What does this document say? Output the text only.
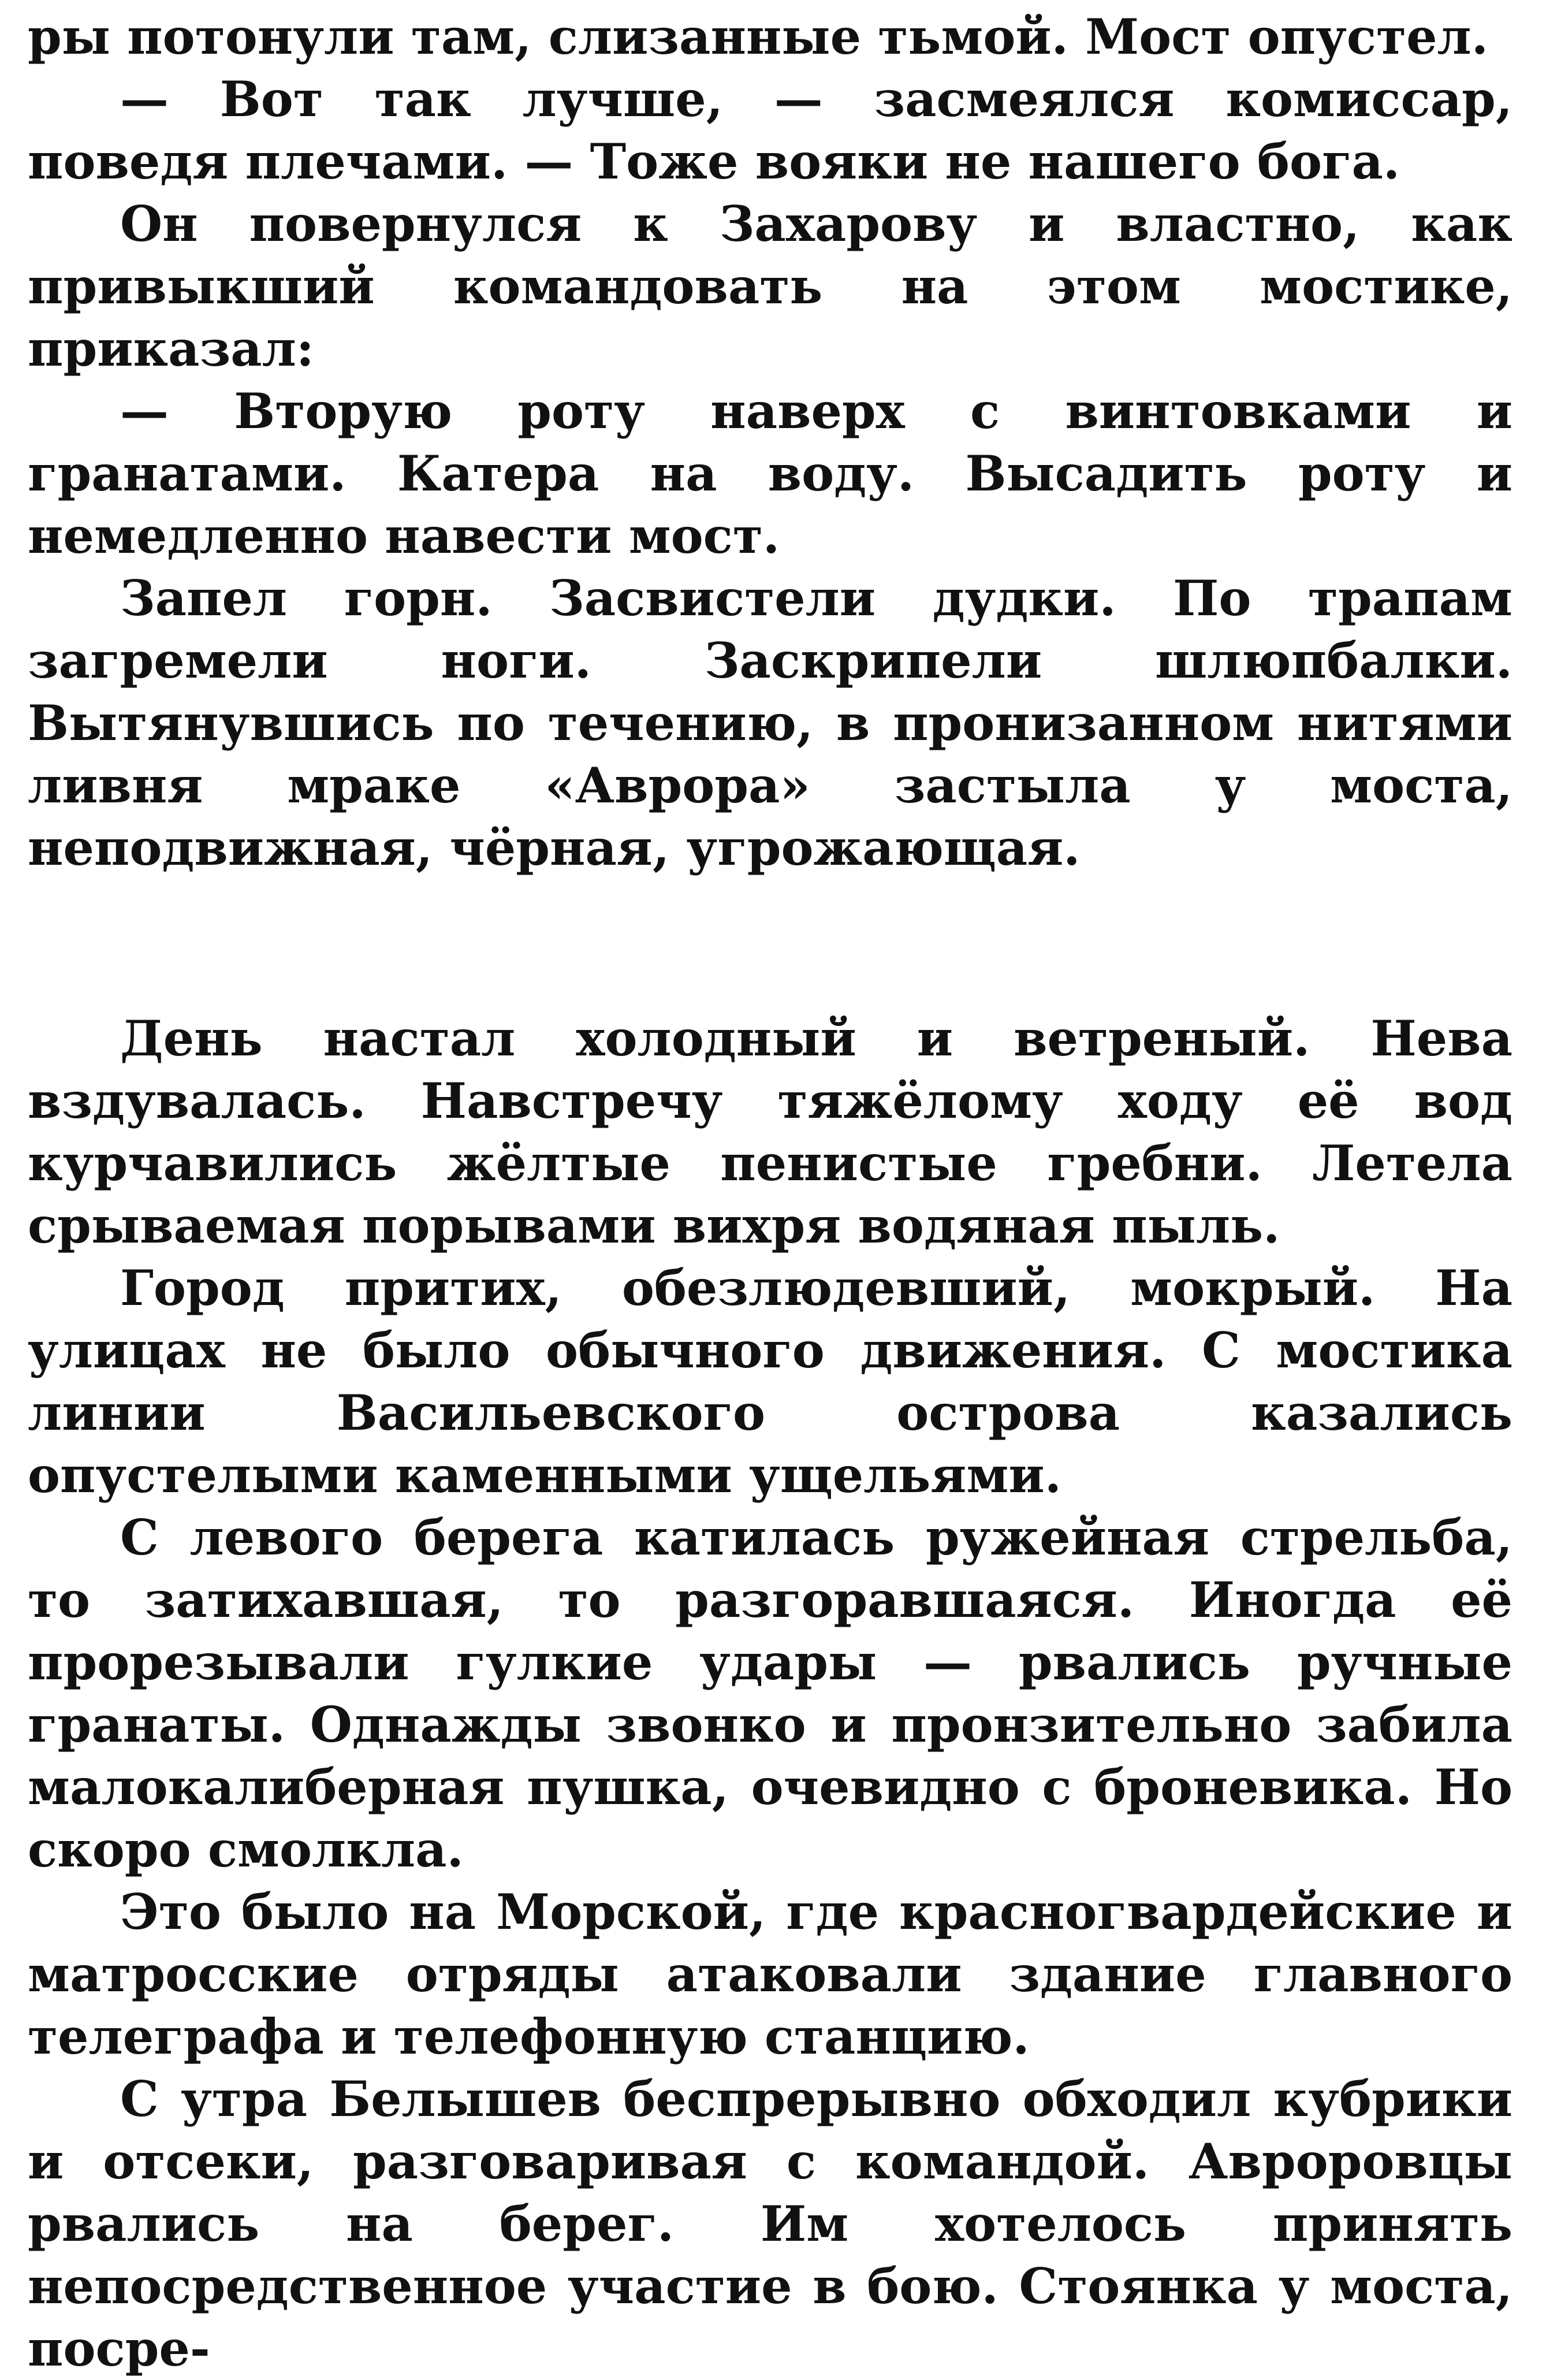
ры потонули там, слизанные тьмой. Мост опустел.

— Вот так лучше, — засмеялся комиссар, поведя плечами. — Тоже вояки не нашего бога.

Он повернулся к Захарову и властно, как привыкший командовать на этом мостике, приказал:

— Вторую роту наверх с винтовками и гранатами. Катера на воду. Высадить роту и немедленно навести мост.

Запел горн. Засвистели дудки. По трапам загремели ноги. Заскрипели шлюпбалки. Вытянувшись по течению, в пронизанном нитями ливня мраке «Аврора» застыла у моста, неподвижная, чёрная, угрожающая.

День настал холодный и ветреный. Нева вздувалась. Навстречу тяжёлому ходу её вод курчавились жёлтые пенистые гребни. Летела срываемая порывами вихря водяная пыль.

Город притих, обезлюдевший, мокрый. На улицах не было обычного движения. С мостика линии Васильевского острова казались опустелыми каменными ущельями.

С левого берега катилась ружейная стрельба, то затихавшая, то разгоравшаяся. Иногда её прорезывали гулкие удары — рвались ручные гранаты. Однажды звонко и пронзительно забила малокалиберная пушка, очевидно с броневика. Но скоро смолкла.

Это было на Морской, где красногвардейские и матросские отряды атаковали здание главного телеграфа и телефонную станцию.

С утра Белышев беспрерывно обходил кубрики и отсеки, разговаривая с командой. Авроровцы рвались на берег. Им хотелось принять непосредственное участие в бою. Стоянка у моста, посре-
